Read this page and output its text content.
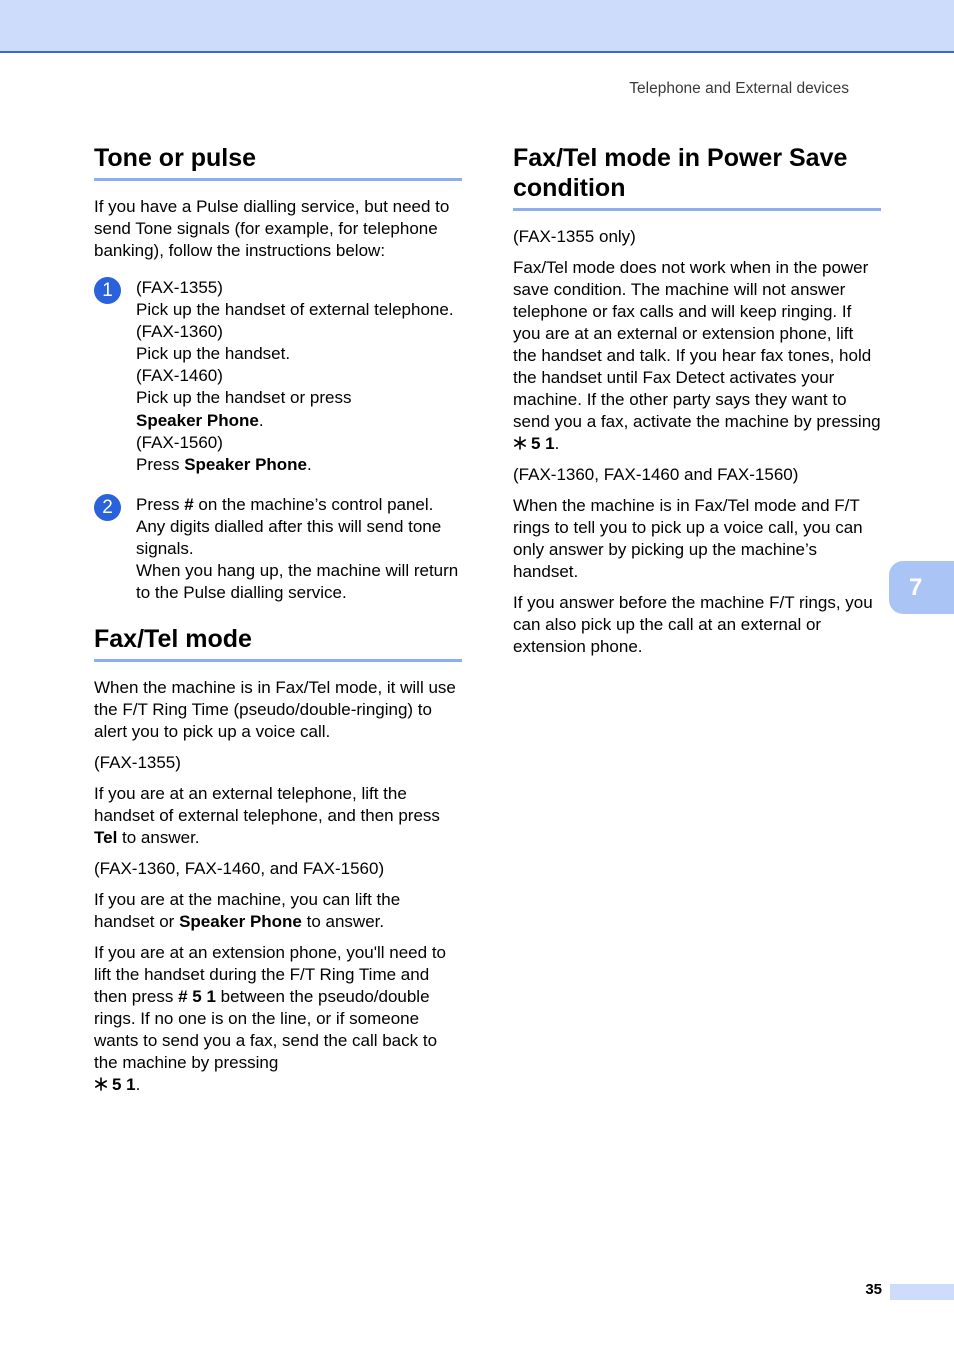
Telephone and External devices
Tone or pulse

If you have a Pulse dialling service, but need to send Tone signals (for example, for telephone banking), follow the instructions below:

1	(FAX-1355)
Pick up the handset of external telephone.
(FAX-1360)
Pick up the handset.
(FAX-1460)
Pick up the handset or press
Speaker Phone.
(FAX-1560)
Press Speaker Phone.

2	Press # on the machine’s control panel.
Any digits dialled after this will send tone signals.
When you hang up, the machine will return to the Pulse dialling service.

Fax/Tel mode

When the machine is in Fax/Tel mode, it will use the F/T Ring Time (pseudo/double-ringing) to alert you to pick up a voice call.

(FAX-1355)

If you are at an external telephone, lift the handset of external telephone, and then press Tel to answer.

(FAX-1360, FAX-1460, and FAX-1560)

If you are at the machine, you can lift the handset or Speaker Phone to answer.

If you are at an extension phone, you'll need to lift the handset during the F/T Ring Time and then press # 5 1 between the pseudo/double rings. If no one is on the line, or if someone wants to send you a fax, send the call back to the machine by pressing

5 1.

Fax/Tel mode in Power Save condition

(FAX-1355 only)

Fax/Tel mode does not work when in the power save condition. The machine will not answer telephone or fax calls and will keep ringing. If you are at an external or extension phone, lift the handset and talk. If you hear fax tones, hold the handset until Fax Detect activates your machine. If the other party says they want to send you a fax, activate the machine by pressing
5 1.

(FAX-1360, FAX-1460 and FAX-1560)

When the machine is in Fax/Tel mode and F/T rings to tell you to pick up a voice call, you can only answer by picking up the machine’s handset.

If you answer before the machine F/T rings, you can also pick up the call at an external or extension phone.

7
35
